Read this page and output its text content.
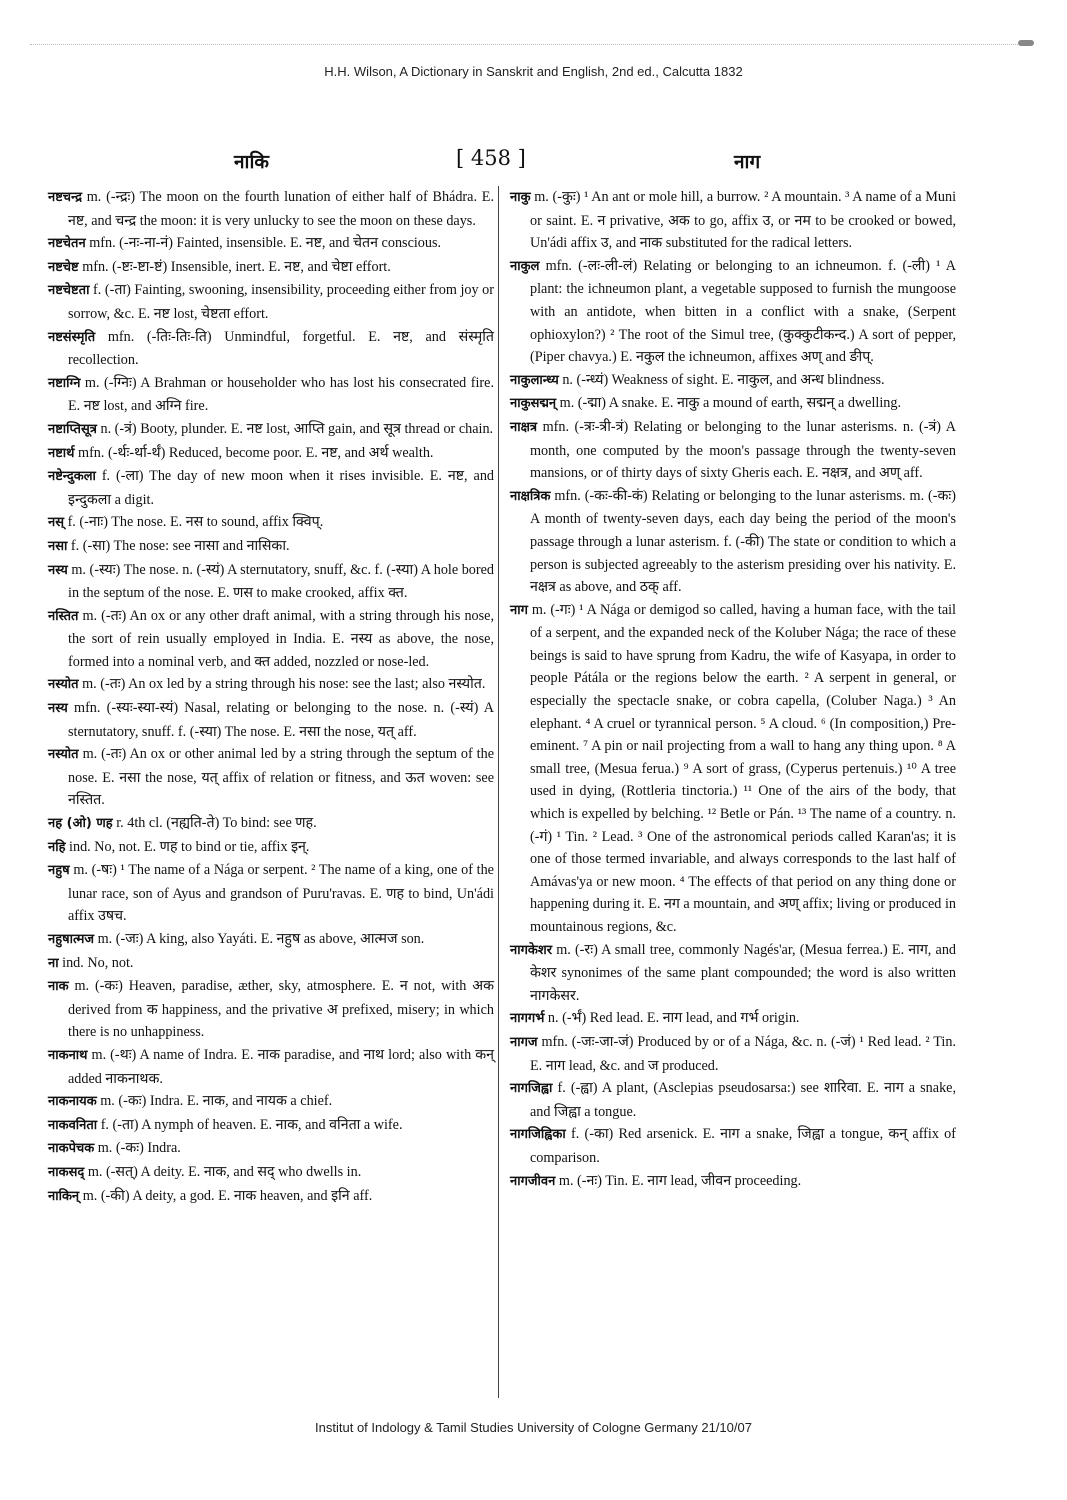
H.H. Wilson, A Dictionary in Sanskrit and English, 2nd ed., Calcutta 1832
नाकि	[ 458 ]	नाग

नष्टचन्द्र m. (-न्द्रः) The moon on the fourth lunation of either half of Bhádra. E. नष्ट, and चन्द्र the moon: it is very unlucky to see the moon on these days.

नष्टचेतन mfn. (-नः-ना-नं) Fainted, insensible. E. नष्ट, and चेतन conscious.

नष्टचेष्ट mfn. (-ष्टः-ष्टा-ष्टं) Insensible, inert. E. नष्ट, and चेष्टा effort.

नष्टचेष्टता f. (-ता) Fainting, swooning, insensibility, proceeding either from joy or sorrow, &c. E. नष्ट lost, चेष्टता effort.

नष्टसंस्मृति mfn. (-तिः-तिः-ति) Unmindful, forgetful. E. नष्ट, and संस्मृति recollection.

नष्टाग्नि m. (-ग्निः) A Brahman or householder who has lost his consecrated fire. E. नष्ट lost, and अग्नि fire.

नष्टाप्तिसूत्र n. (-त्रं) Booty, plunder. E. नष्ट lost, आप्ति gain, and सूत्र thread or chain.

नष्टार्थ mfn. (-र्थः-र्था-र्थं) Reduced, become poor. E. नष्ट, and अर्थ wealth.

नष्टेन्दुकला f. (-ला) The day of new moon when it rises invisible. E. नष्ट, and इन्दुकला a digit.

नस् f. (-नाः) The nose. E. नस to sound, affix क्विप्.

नसा f. (-सा) The nose: see नासा and नासिका.

नस्य m. (-स्यः) The nose. n. (-स्यं) A sternutatory, snuff, &c. f. (-स्या) A hole bored in the septum of the nose. E. णस to make crooked, affix क्त.

नस्तित m. (-तः) An ox or any other draft animal, with a string through his nose, the sort of rein usually employed in India. E. नस्य as above, the nose, formed into a nominal verb, and क्त added, nozzled or nose-led.

नस्योत m. (-तः) An ox led by a string through his nose: see the last; also नस्योत.

नस्य mfn. (-स्यः-स्या-स्यं) Nasal, relating or belonging to the nose. n. (-स्यं) A sternutatory, snuff. f. (-स्या) The nose. E. नसा the nose, यत् aff.

नस्योत m. (-तः) An ox or other animal led by a string through the septum of the nose. E. नसा the nose, यत् affix of relation or fitness, and ऊत woven: see नस्तित.

नह (ओ) णह r. 4th cl. (नह्यति-ते) To bind: see णह.

नहि ind. No, not. E. णह to bind or tie, affix इन्.

नहुष m. (-षः) ¹ The name of a Nága or serpent. ² The name of a king, one of the lunar race, son of Ayus and grandson of Puru'ravas. E. णह to bind, Un'ádi affix उषच.

नहुषात्मज m. (-जः) A king, also Yayáti. E. नहुष as above, आत्मज son.

ना ind. No, not.

नाक m. (-कः) Heaven, paradise, æther, sky, atmosphere. E. न not, with अक derived from क happiness, and the privative अ prefixed, misery; in which there is no unhappiness.

नाकनाथ m. (-थः) A name of Indra. E. नाक paradise, and नाथ lord; also with कन् added नाकनाथक.

नाकनायक m. (-कः) Indra. E. नाक, and नायक a chief.

नाकवनिता f. (-ता) A nymph of heaven. E. नाक, and वनिता a wife.

नाकपेचक m. (-कः) Indra.

नाकसद् m. (-सत्) A deity. E. नाक, and सद् who dwells in.

नाकिन् m. (-की) A deity, a god. E. नाक heaven, and इनि aff.

नाकु m. (-कुः) ¹ An ant or mole hill, a burrow. ² A mountain. ³ A name of a Muni or saint. E. न privative, अक to go, affix उ, or नम to be crooked or bowed, Un'ádi affix उ, and नाक substituted for the radical letters.

नाकुल mfn. (-लः-ली-लं) Relating or belonging to an ichneumon. f. (-ली) ¹ A plant: the ichneumon plant, a vegetable supposed to furnish the mungoose with an antidote, when bitten in a conflict with a snake, (Serpent ophioxylon?) ² The root of the Simul tree, (कुक्कुटीकन्द.) A sort of pepper, (Piper chavya.) E. नकुल the ichneumon, affixes अण् and ङीप्.

नाकुलान्ध्य n. (-न्ध्यं) Weakness of sight. E. नाकुल, and अन्ध blindness.

नाकुसद्मन् m. (-द्मा) A snake. E. नाकु a mound of earth, सद्मन् a dwelling.

नाक्षत्र mfn. (-त्रः-त्री-त्रं) Relating or belonging to the lunar asterisms. n. (-त्रं) A month, one computed by the moon's passage through the twenty-seven mansions, or of thirty days of sixty Gheris each. E. नक्षत्र, and अण् aff.

नाक्षत्रिक mfn. (-कः-की-कं) Relating or belonging to the lunar asterisms. m. (-कः) A month of twenty-seven days, each day being the period of the moon's passage through a lunar asterism. f. (-की) The state or condition to which a person is subjected agreeably to the asterism presiding over his nativity. E. नक्षत्र as above, and ठक् aff.

नाग m. (-गः) ¹ A Nága or demigod so called, having a human face, with the tail of a serpent, and the expanded neck of the Koluber Nága; the race of these beings is said to have sprung from Kadru, the wife of Kasyapa, in order to people Pátála or the regions below the earth. ² A serpent in general, or especially the spectacle snake, or cobra capella, (Coluber Naga.) ³ An elephant. ⁴ A cruel or tyrannical person. ⁵ A cloud. ⁶ (In composition,) Pre-eminent. ⁷ A pin or nail projecting from a wall to hang any thing upon. ⁸ A small tree, (Mesua ferua.) ⁹ A sort of grass, (Cyperus pertenuis.) ¹⁰ A tree used in dying, (Rottleria tinctoria.) ¹¹ One of the airs of the body, that which is expelled by belching. ¹² Betle or Pán. ¹³ The name of a country. n. (-गं) ¹ Tin. ² Lead. ³ One of the astronomical periods called Karan'as; it is one of those termed invariable, and always corresponds to the last half of Amávas'ya or new moon. ⁴ The effects of that period on any thing done or happening during it. E. नग a mountain, and अण् affix; living or produced in mountainous regions, &c.

नागकेशर m. (-रः) A small tree, commonly Nagés'ar, (Mesua ferrea.) E. नाग, and केशर synonimes of the same plant compounded; the word is also written नागकेसर.

नागगर्भ n. (-र्भं) Red lead. E. नाग lead, and गर्भ origin.

नागज mfn. (-जः-जा-जं) Produced by or of a Nága, &c. n. (-जं) ¹ Red lead. ² Tin. E. नाग lead, &c. and ज produced.

नागजिह्वा f. (-ह्वा) A plant, (Asclepias pseudosarsa:) see शारिवा. E. नाग a snake, and जिह्वा a tongue.

नागजिह्विका f. (-का) Red arsenick. E. नाग a snake, जिह्वा a tongue, कन् affix of comparison.

नागजीवन m. (-नः) Tin. E. नाग lead, जीवन proceeding.

Institut of Indology & Tamil Studies University of Cologne Germany 21/10/07
